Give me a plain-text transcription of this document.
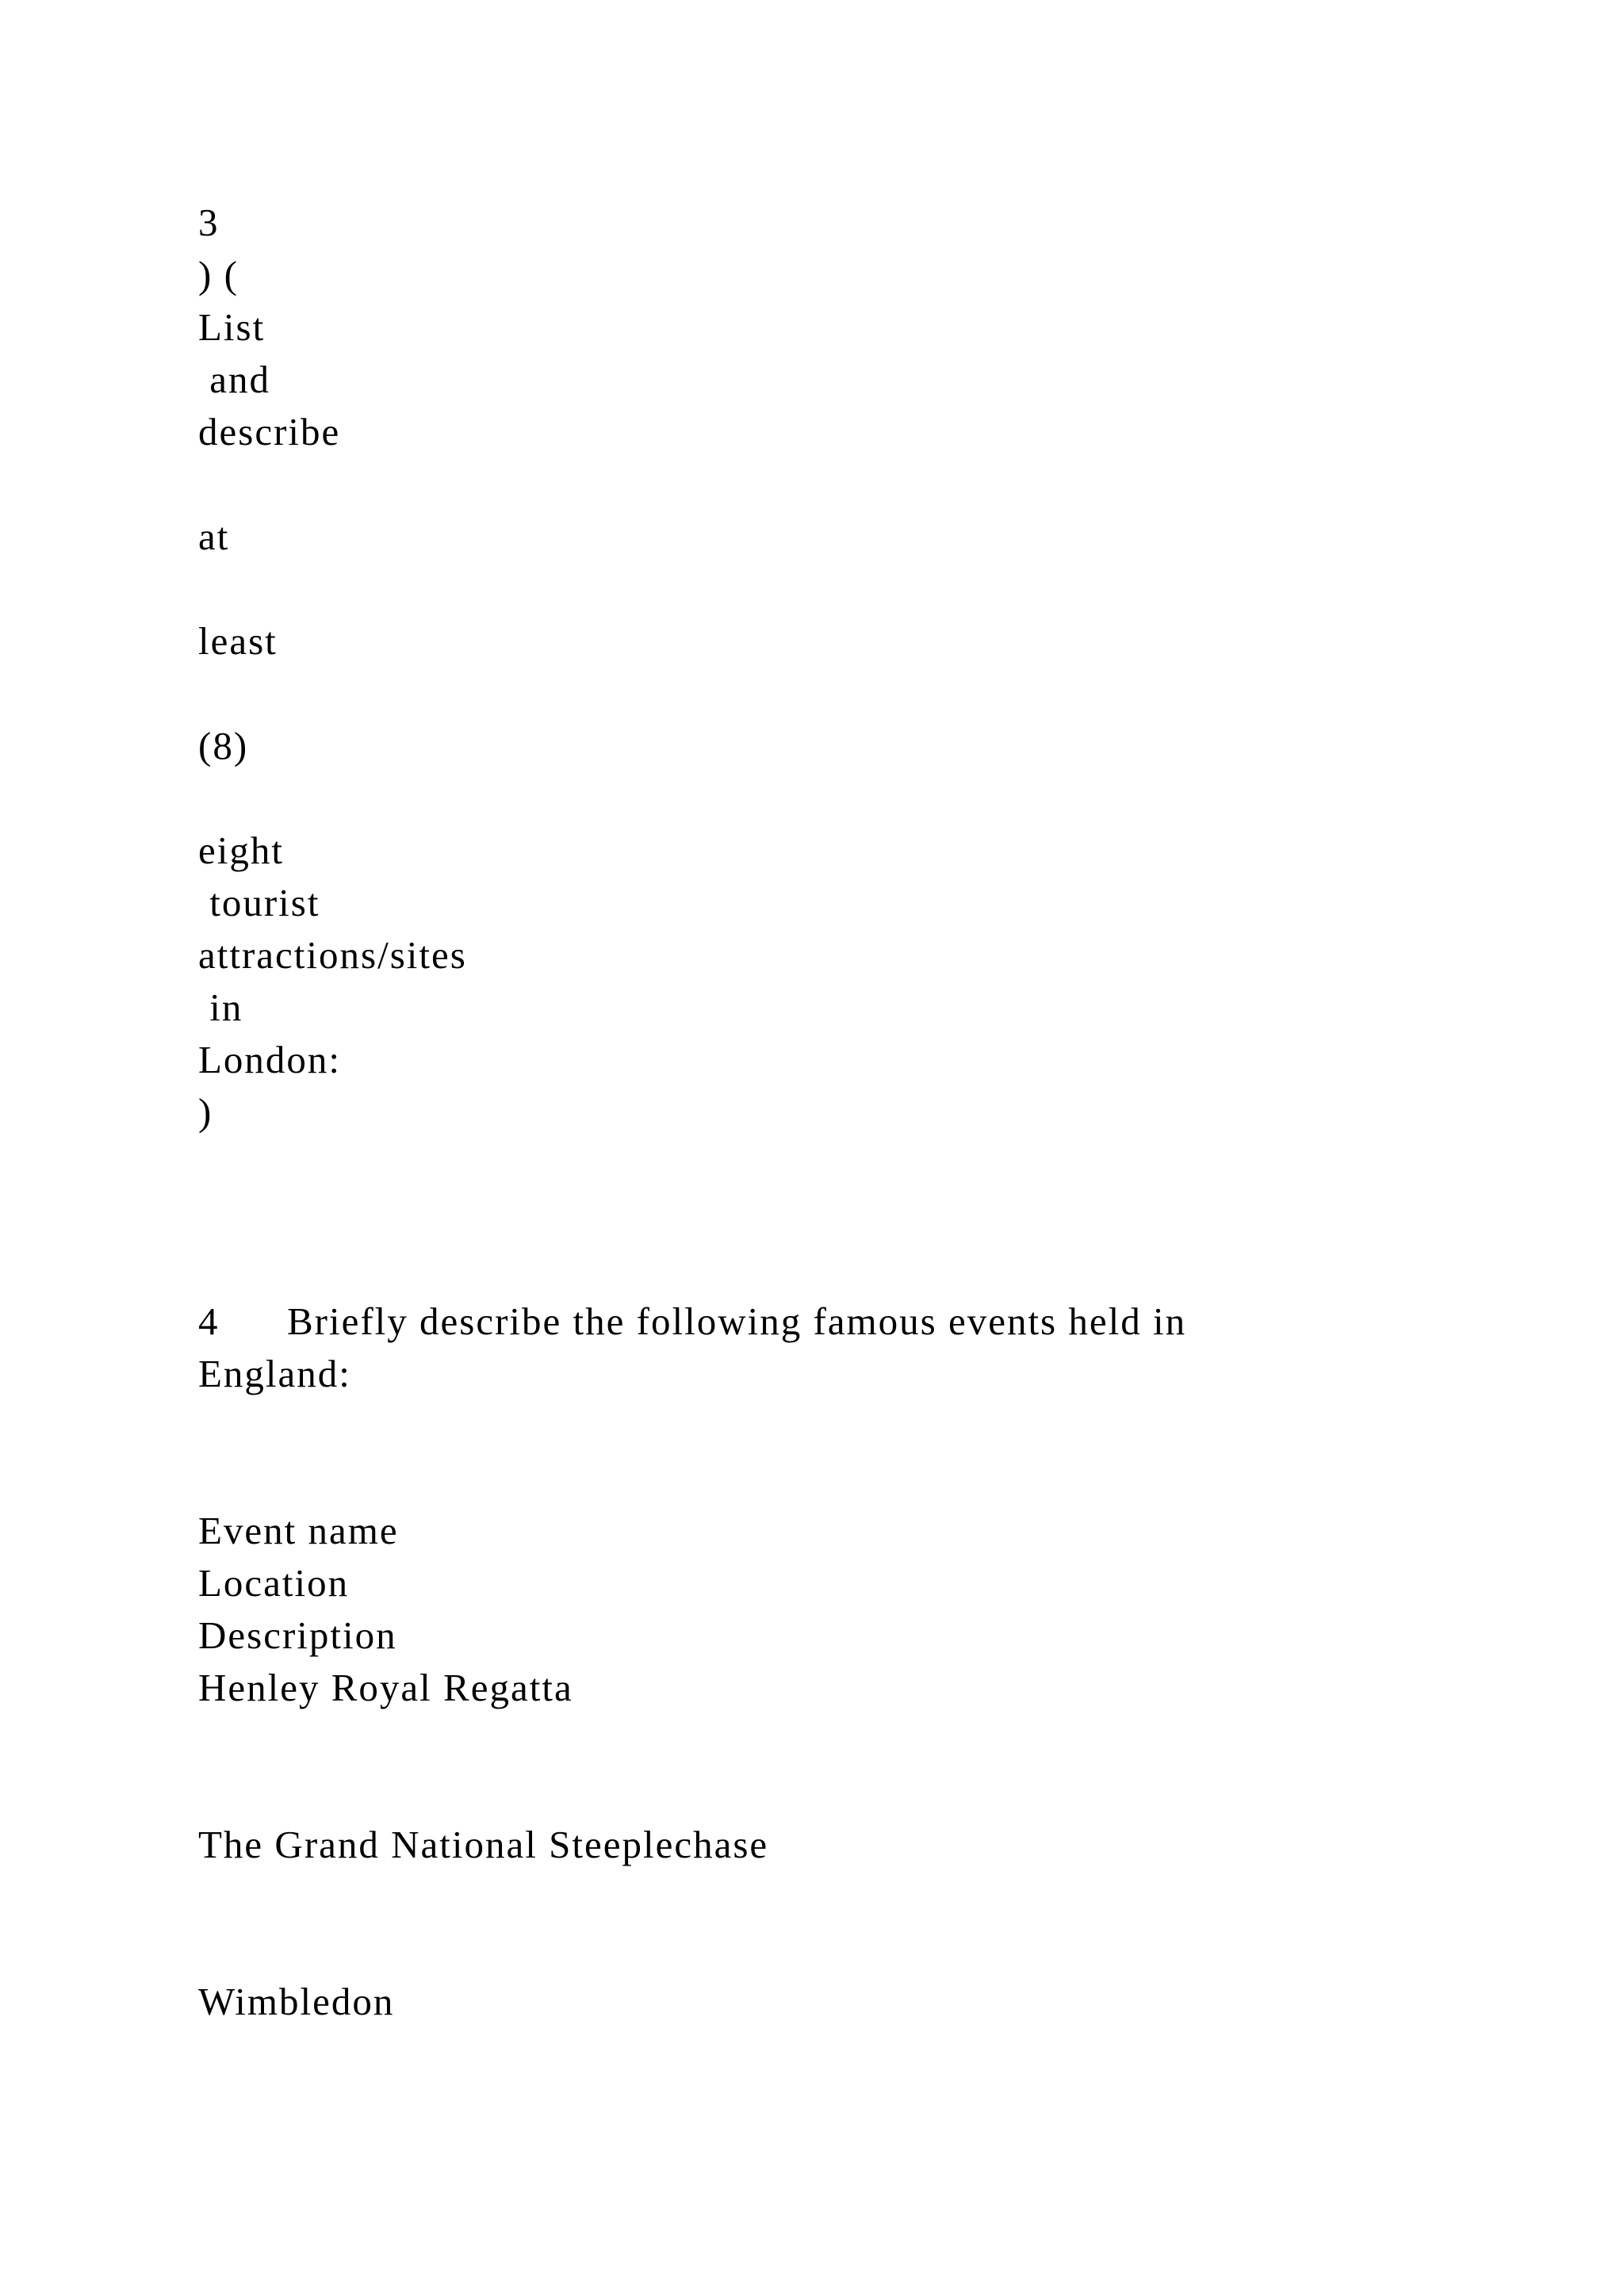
3

) (

List

and

describe

at

least

(8)

eight

tourist

attractions/sites

in

London:

)

4      Briefly describe the following famous events held in

England:

Event name

Location

Description

Henley Royal Regatta

The Grand National Steeplechase

Wimbledon
